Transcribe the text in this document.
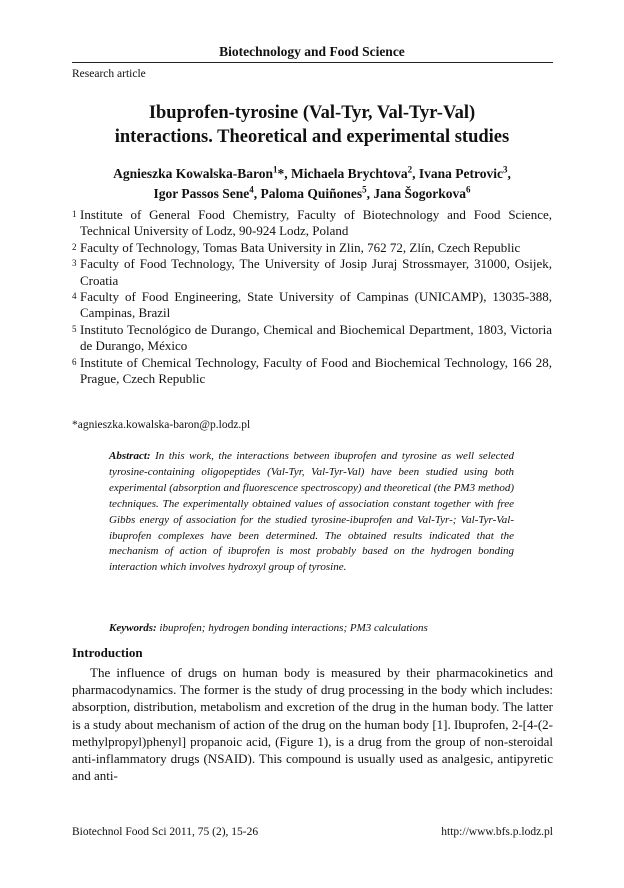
Biotechnology and Food Science
Research article
Ibuprofen-tyrosine (Val-Tyr, Val-Tyr-Val)
interactions. Theoretical and experimental studies
Agnieszka Kowalska-Baron$^1$*, Michaela Brychtova$^2$, Ivana Petrovic$^3$,
Igor Passos Sene$^4$, Paloma Quiñones$^5$, Jana Šogorkova$^6$
1 Institute of General Food Chemistry, Faculty of Biotechnology and Food Science, Technical University of Lodz, 90-924 Lodz, Poland
2 Faculty of Technology, Tomas Bata University in Zlin, 762 72, Zlín, Czech Republic
3 Faculty of Food Technology, The University of Josip Juraj Strossmayer, 31000, Osijek, Croatia
4 Faculty of Food Engineering, State University of Campinas (UNICAMP), 13035-388, Campinas, Brazil
5 Instituto Tecnológico de Durango, Chemical and Biochemical Department, 1803, Victoria de Durango, México
6 Institute of Chemical Technology, Faculty of Food and Biochemical Technology, 166 28, Prague, Czech Republic
*agnieszka.kowalska-baron@p.lodz.pl
Abstract: In this work, the interactions between ibuprofen and tyrosine as well selected tyrosine-containing oligopeptides (Val-Tyr, Val-Tyr-Val) have been studied using both experimental (absorption and fluorescence spectroscopy) and theoretical (the PM3 method) techniques. The experimentally obtained values of association constant together with free Gibbs energy of association for the studied tyrosine-ibuprofen and Val-Tyr-; Val-Tyr-Val-ibuprofen complexes have been determined. The obtained results indicated that the mechanism of action of ibuprofen is most probably based on the hydrogen bonding interaction which involves hydroxyl group of tyrosine.
Keywords: ibuprofen; hydrogen bonding interactions; PM3 calculations
Introduction

The influence of drugs on human body is measured by their pharmacokinetics and pharmacodynamics. The former is the study of drug processing in the body which includes: absorption, distribution, metabolism and excretion of the drug in the human body. The latter is a study about mechanism of action of the drug on the human body [1]. Ibuprofen, 2-[4-(2-methylpropyl)phenyl] propanoic acid, (Figure 1), is a drug from the group of non-steroidal anti-inflammatory drugs (NSAID). This compound is usually used as analgesic, antipyretic and anti-

Biotechnol Food Sci 2011, 75 (2), 15-26	http://www.bfs.p.lodz.pl
